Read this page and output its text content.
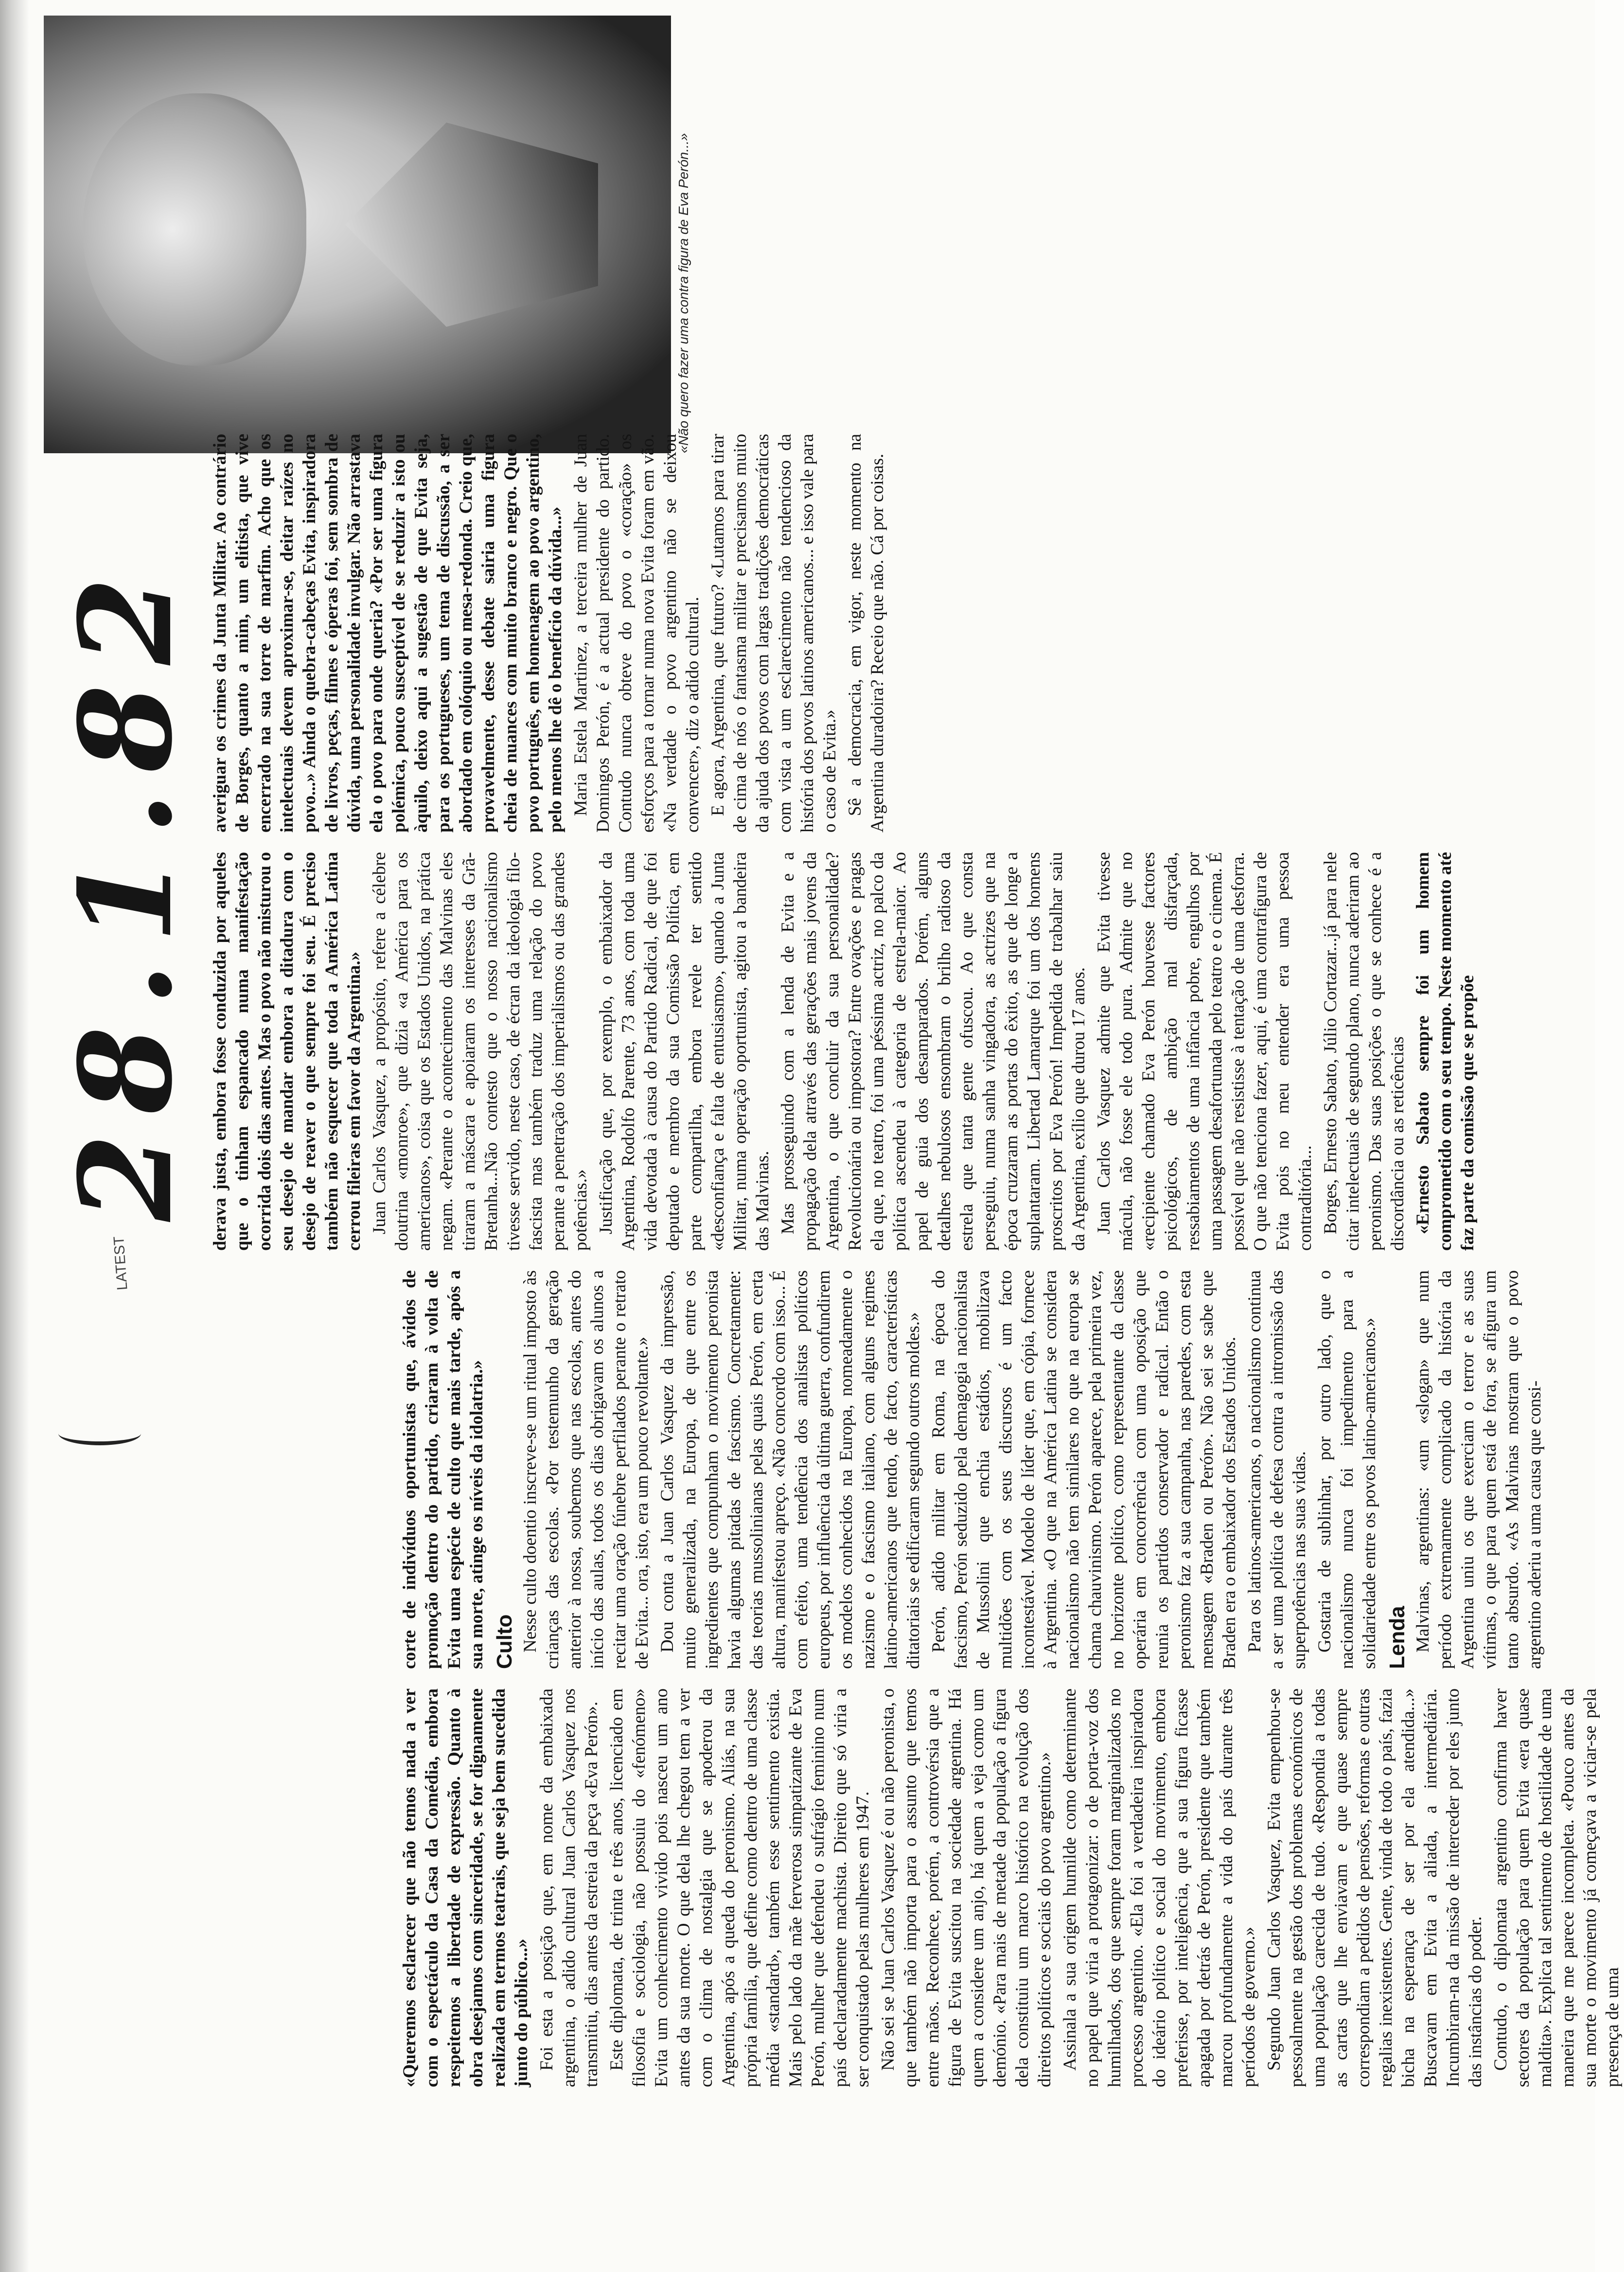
28.1.82
LATEST
«Não quero fazer uma contra figura de Eva Perón...»

«Queremos esclarecer que não temos nada a ver com o espectáculo da Casa da Comédia, embora respeitemos a liberdade de expressão. Quanto à obra desejamos com sinceridade, se for dignamente realizada em termos teatrais, que seja bem sucedida junto do público...» Foi esta a posição que, em nome da embaixada argentina, o adido cultural Juan Carlos Vasquez nos transmitiu, dias antes da estreia da peça «Eva Perón». Este diplomata, de trinta e três anos, licenciado em filosofia e sociologia, não possuiu do «fenómeno» Evita um conhecimento vivido pois nasceu um ano antes da sua morte. O que dela lhe chegou tem a ver com o clima de nostalgia que se apoderou da Argentina, após a queda do peronismo. Aliás, na sua própria família, que define como dentro de uma classe média «standard», também esse sentimento existia. Mais pelo lado da mãe ferverosa simpatizante de Eva Perón, mulher que defendeu o sufrágio feminino num país declaradamente machista. Direito que só viria a ser conquistado pelas mulheres em 1947. Não sei se Juan Carlos Vasquez é ou não peronista, o que também não importa para o assunto que temos entre mãos. Reconhece, porém, a controvérsia que a figura de Evita suscitou na sociedade argentina. Há quem a considere um anjo, há quem a veja como um demónio. «Para mais de metade da população a figura dela constituiu um marco histórico na evolução dos direitos políticos e sociais do povo argentino.» Assinala a sua origem humilde como determinante no papel que viria a protagonizar: o de porta-voz dos humilhados, dos que sempre foram marginalizados no processo argentino. «Ela foi a verdadeira inspiradora do ideário político e social do movimento, embora preferisse, por inteligência, que a sua figura ficasse apagada por detrás de Perón, presidente que também marcou profundamente a vida do país durante três períodos de governo.» Segundo Juan Carlos Vasquez, Evita empenhou-se pessoalmente na gestão dos problemas económicos de uma população carecida de tudo. «Respondia a todas as cartas que lhe enviavam e que quase sempre correspondiam a pedidos de pensões, reformas e outras regalias inexistentes. Gente, vinda de todo o país, fazia bicha na esperança de ser por ela atendida...» Buscavam em Evita a aliada, a intermediária. Incumbiram-na da missão de interceder por eles junto das instâncias do poder. Contudo, o diplomata argentino confirma haver sectores da população para quem Evita «era quase maldita». Explica tal sentimento de hostilidade de uma maneira que me parece incompleta. «Pouco antes da sua morte o movimento já começava a viciar-se pela presença de uma

corte de indivíduos oportunistas que, ávidos de promoção dentro do partido, criaram à volta de Evita uma espécie de culto que mais tarde, após a sua morte, atinge os níveis da idolatria.» Culto Nesse culto doentio inscreve-se um ritual imposto às crianças das escolas. «Por testemunho da geração anterior à nossa, soubemos que nas escolas, antes do início das aulas, todos os dias obrigavam os alunos a recitar uma oração fúnebre perfilados perante o retrato de Evita... ora, isto, era um pouco revoltante.» Dou conta a Juan Carlos Vasquez da impressão, muito generalizada, na Europa, de que entre os ingredientes que compunham o movimento peronista havia algumas pitadas de fascismo. Concretamente: das teorias mussolinianas pelas quais Perón, em certa altura, manifestou apreço. «Não concordo com isso... É com efeito, uma tendência dos analistas políticos europeus, por influência da última guerra, confundirem os modelos conhecidos na Europa, nomeadamente o nazismo e o fascismo italiano, com alguns regimes latino-americanos que tendo, de facto, características ditatoriais se edificaram segundo outros moldes.» Perón, adido militar em Roma, na época do fascismo, Perón seduzido pela demagogia nacionalista de Mussolini que enchia estádios, mobilizava multidões com os seus discursos é um facto incontestável. Modelo de líder que, em cópia, fornece à Argentina. «O que na América Latina se considera nacionalismo não tem similares no que na europa se chama chauvinismo. Perón aparece, pela primeira vez, no horizonte político, como representante da classe operária em concorrência com uma oposição que reunia os partidos conservador e radical. Então o peronismo faz a sua campanha, nas paredes, com esta mensagem «Braden ou Perón». Não sei se sabe que Braden era o embaixador dos Estados Unidos. Para os latinos-americanos, o nacionalismo continua a ser uma política de defesa contra a intromissão das superpotências nas suas vidas. Gostaria de sublinhar, por outro lado, que o nacionalismo nunca foi impedimento para a solidariedade entre os povos latino-americanos.» Lenda Malvinas, argentinas: «um «slogan» que num período extremamente complicado da história da Argentina uniu os que exerciam o terror e as suas vítimas, o que para quem está de fora, se afigura um tanto absurdo. «As Malvinas mostram que o povo argentino aderiu a uma causa que consi-

derava justa, embora fosse conduzida por aqueles que o tinham espancado numa manifestação ocorrida dois dias antes. Mas o povo não misturou o seu desejo de mandar embora a ditadura com o desejo de reaver o que sempre foi seu. É preciso também não esquecer que toda a América Latina cerrou fileiras em favor da Argentina.» Juan Carlos Vasquez, a propósito, refere a célebre doutrina «monroe», que dizia «a América para os americanos», coisa que os Estados Unidos, na prática negam. «Perante o acontecimento das Malvinas eles tiraram a máscara e apoiaram os interesses da Grã-Bretanha...Não contesto que o nosso nacionalismo tivesse servido, neste caso, de écran da ideologia filo-fascista mas também traduz uma relação do povo perante a penetração dos imperialismos ou das grandes potências.» Justificação que, por exemplo, o embaixador da Argentina, Rodolfo Parente, 73 anos, com toda uma vida devotada à causa do Partido Radical, de que foi deputado e membro da sua Comissão Política, em parte compartilha, embora revele ter sentido «desconfiança e falta de entusiasmo», quando a Junta Militar, numa operação oportunista, agitou a bandeira das Malvinas. Mas prosseguindo com a lenda de Evita e a propagação dela através das gerações mais jovens da Argentina, o que concluir da sua personalidade? Revolucionária ou impostora? Entre ovações e pragas ela que, no teatro, foi uma péssima actriz, no palco da política ascendeu à categoria de estrela-maior. Ao papel de guia dos desamparados. Porém, alguns detalhes nebulosos ensombram o brilho radioso da estrela que tanta gente ofuscou. Ao que consta perseguiu, numa sanha vingadora, as actrizes que na época cruzaram as portas do êxito, as que de longe a suplantaram. Libertad Lamarque foi um dos homens proscritos por Eva Perón! Impedida de trabalhar saiu da Argentina, exílio que durou 17 anos. Juan Carlos Vasquez admite que Evita tivesse mácula, não fosse ele todo pura. Admite que no «recipiente chamado Eva Perón houvesse factores psicológicos, de ambição mal disfarçada, ressabiamentos de uma infância pobre, engulhos por uma passagem desafortunada pelo teatro e o cinema. É possível que não resistisse à tentação de uma desforra. O que não tenciona fazer, aqui, é uma contrafigura de Evita pois no meu entender era uma pessoa contraditória... Borges, Ernesto Sabato, Júlio Cortazar...já para nele citar intelectuais de segundo plano, nunca aderiram ao peronismo. Das suas posições o que se conhece é a discordância ou as reticências «Ernesto Sabato sempre foi um homem comprometido com o seu tempo. Neste momento até faz parte da comissão que se propõe

averiguar os crimes da Junta Militar. Ao contrário de Borges, quanto a mim, um elitista, que vive encerrado na sua torre de marfim. Acho que os intelectuais devem aproximar-se, deitar raízes no povo...» Ainda o quebra-cabeças Evita, inspiradora de livros, peças, filmes e óperas foi, sem sombra de dúvida, uma personalidade invulgar. Não arrastava ela o povo para onde queria? «Por ser uma figura polémica, pouco susceptível de se reduzir a isto ou àquilo, deixo aqui a sugestão de que Evita seja, para os portugueses, um tema de discussão, a ser abordado em colóquio ou mesa-redonda. Creio que, provavelmente, desse debate sairia uma figura cheia de nuances com muito branco e negro. Que o povo português, em homenagem ao povo argentino, pelo menos lhe dê o benefício da dúvida...» Maria Estela Martinez, a terceira mulher de Juan Domingos Perón, é a actual presidente do partido. Contudo nunca obteve do povo o «coração» os esforços para a tornar numa nova Evita foram em vão. «Na verdade o povo argentino não se deixou convencer», diz o adido cultural. E agora, Argentina, que futuro? «Lutamos para tirar de cima de nós o fantasma militar e precisamos muito da ajuda dos povos com largas tradições democráticas com vista a um esclarecimento não tendencioso da história dos povos latinos americanos... e isso vale para o caso de Evita.» Sê a democracia, em vigor, neste momento na Argentina duradoira? Receio que não. Cá por coisas.
